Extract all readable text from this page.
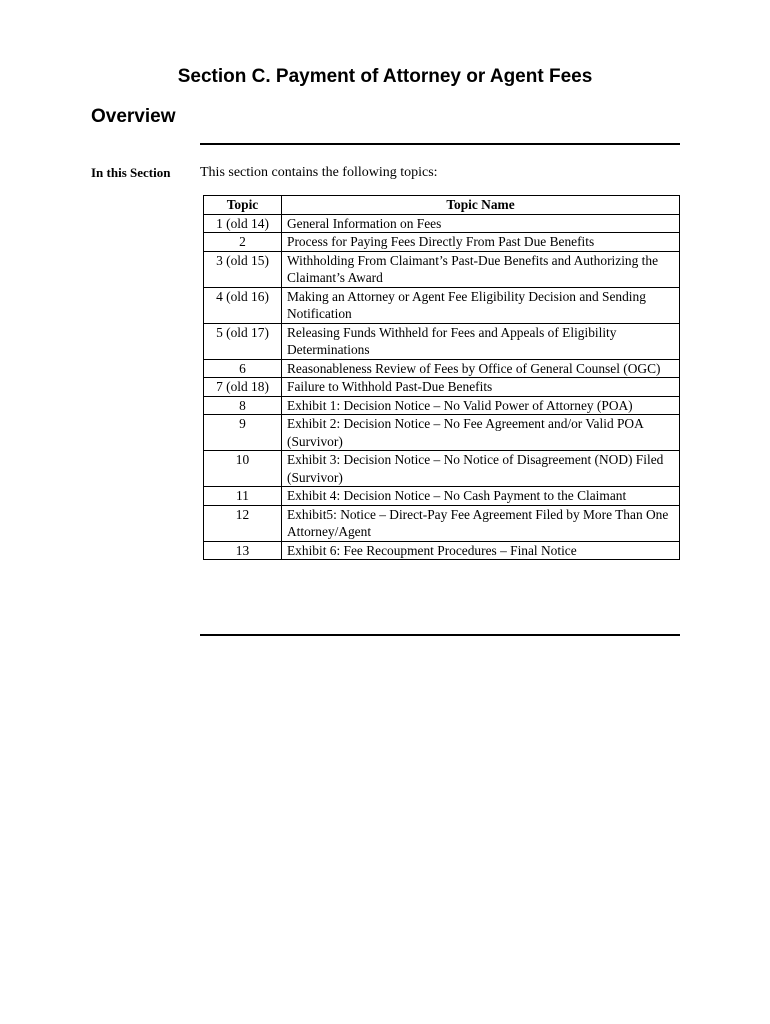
Section C. Payment of Attorney or Agent Fees
Overview
In this Section This section contains the following topics:
Topic	Topic Name
1 (old 14)	General Information on Fees
2	Process for Paying Fees Directly From Past Due Benefits
3 (old 15)	Withholding From Claimant’s Past-Due Benefits and Authorizing the Claimant’s Award
4 (old 16)	Making an Attorney or Agent Fee Eligibility Decision and Sending Notification
5 (old 17)	Releasing Funds Withheld for Fees and Appeals of Eligibility Determinations
6	Reasonableness Review of Fees by Office of General Counsel (OGC)
7 (old 18)	Failure to Withhold Past-Due Benefits
8	Exhibit 1: Decision Notice – No Valid Power of Attorney (POA)
9	Exhibit 2: Decision Notice – No Fee Agreement and/or Valid POA (Survivor)
10	Exhibit 3: Decision Notice – No Notice of Disagreement (NOD) Filed (Survivor)
11	Exhibit 4: Decision Notice – No Cash Payment to the Claimant
12	Exhibit5: Notice – Direct-Pay Fee Agreement Filed by More Than One Attorney/Agent
13	Exhibit 6: Fee Recoupment Procedures – Final Notice
